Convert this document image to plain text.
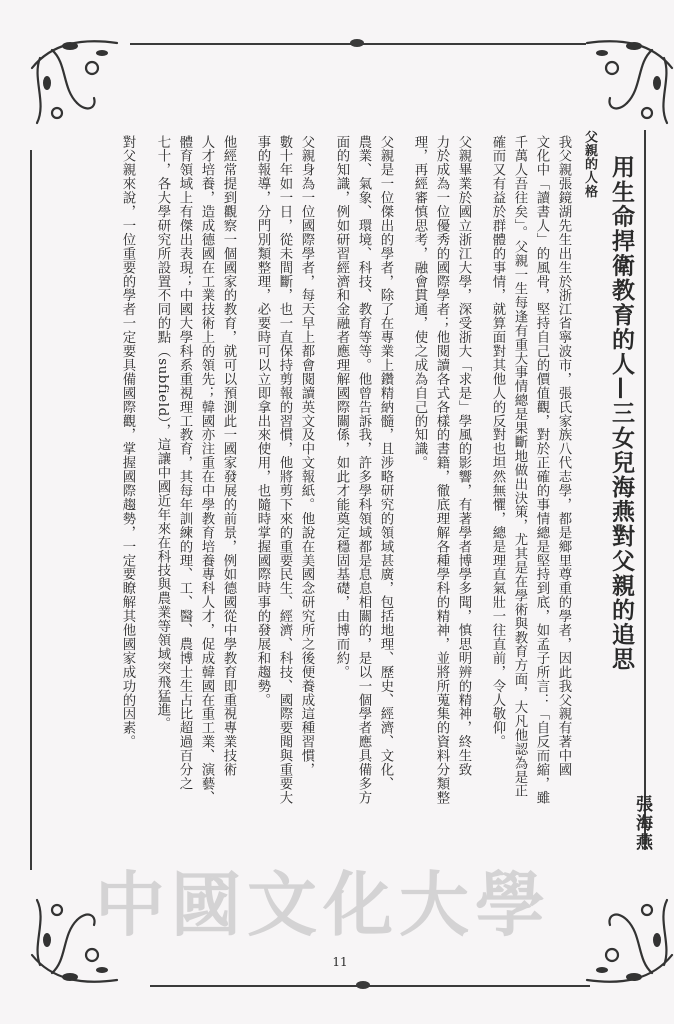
用生命捍衛教育的人—三女兒海燕對父親的追思
張海燕
父親的人格
我父親張鏡湖先生出生於浙江省寧波市，張氏家族八代志學，都是鄉里尊重的學者，因此我父親有著中國
文化中「讀書人」的風骨，堅持自己的價值觀，對於正確的事情總是堅持到底，如孟子所言：「自反而縮，雖
千萬人吾往矣」。父親一生每逢有重大事情總是果斷地做出決策，尤其是在學術與教育方面，大凡他認為是正
確而又有益於群體的事情，就算面對其他人的反對也坦然無懼，總是理直氣壯一往直前，令人敬仰。
父親畢業於國立浙江大學，深受浙大「求是」學風的影響，有著學者博學多聞，慎思明辨的精神，終生致
力於成為一位優秀的國際學者；他閱讀各式各樣的書籍，徹底理解各種學科的精神，並將所蒐集的資料分類整
理，再經審慎思考，融會貫通，使之成為自己的知識。
父親是一位傑出的學者，除了在專業上鑽精納髓，且涉略研究的領域甚廣，包括地理、歷史、經濟、文化、
農業、氣象、環境、科技、教育等等。他曾告訴我，許多學科領域都是息息相關的，是以一個學者應具備多方
面的知識，例如研習經濟和金融者應理解國際關係，如此才能奠定穩固基礎，由博而約。
父親身為一位國際學者，每天早上都會閱讀英文及中文報紙。他說在美國念研究所之後便養成這種習慣，
數十年如一日，從未間斷，也一直保持剪報的習慣，他將剪下來的重要民生、經濟、科技、國際要聞與重要大
事的報導，分門別類整理，必要時可以立即拿出來使用，也隨時掌握國際時事的發展和趨勢。
他經常提到觀察一個國家的教育，就可以預測此一國家發展的前景，例如德國從中學教育即重視專業技術
人才培養，造成德國在工業技術上的領先；韓國亦注重在中學教育培養專科人才，促成韓國在重工業、演藝、
體育領域上有傑出表現；中國大學科系重視理工教育，其每年訓練的理、工、醫、農博士生占比超過百分之
七十，各大學研究所設置不同的點（subfield），這讓中國近年來在科技與農業等領域突飛猛進。
對父親來說，一位重要的學者一定要具備國際觀，掌握國際趨勢，一定要瞭解其他國家成功的因素。
中國文化大學
11
